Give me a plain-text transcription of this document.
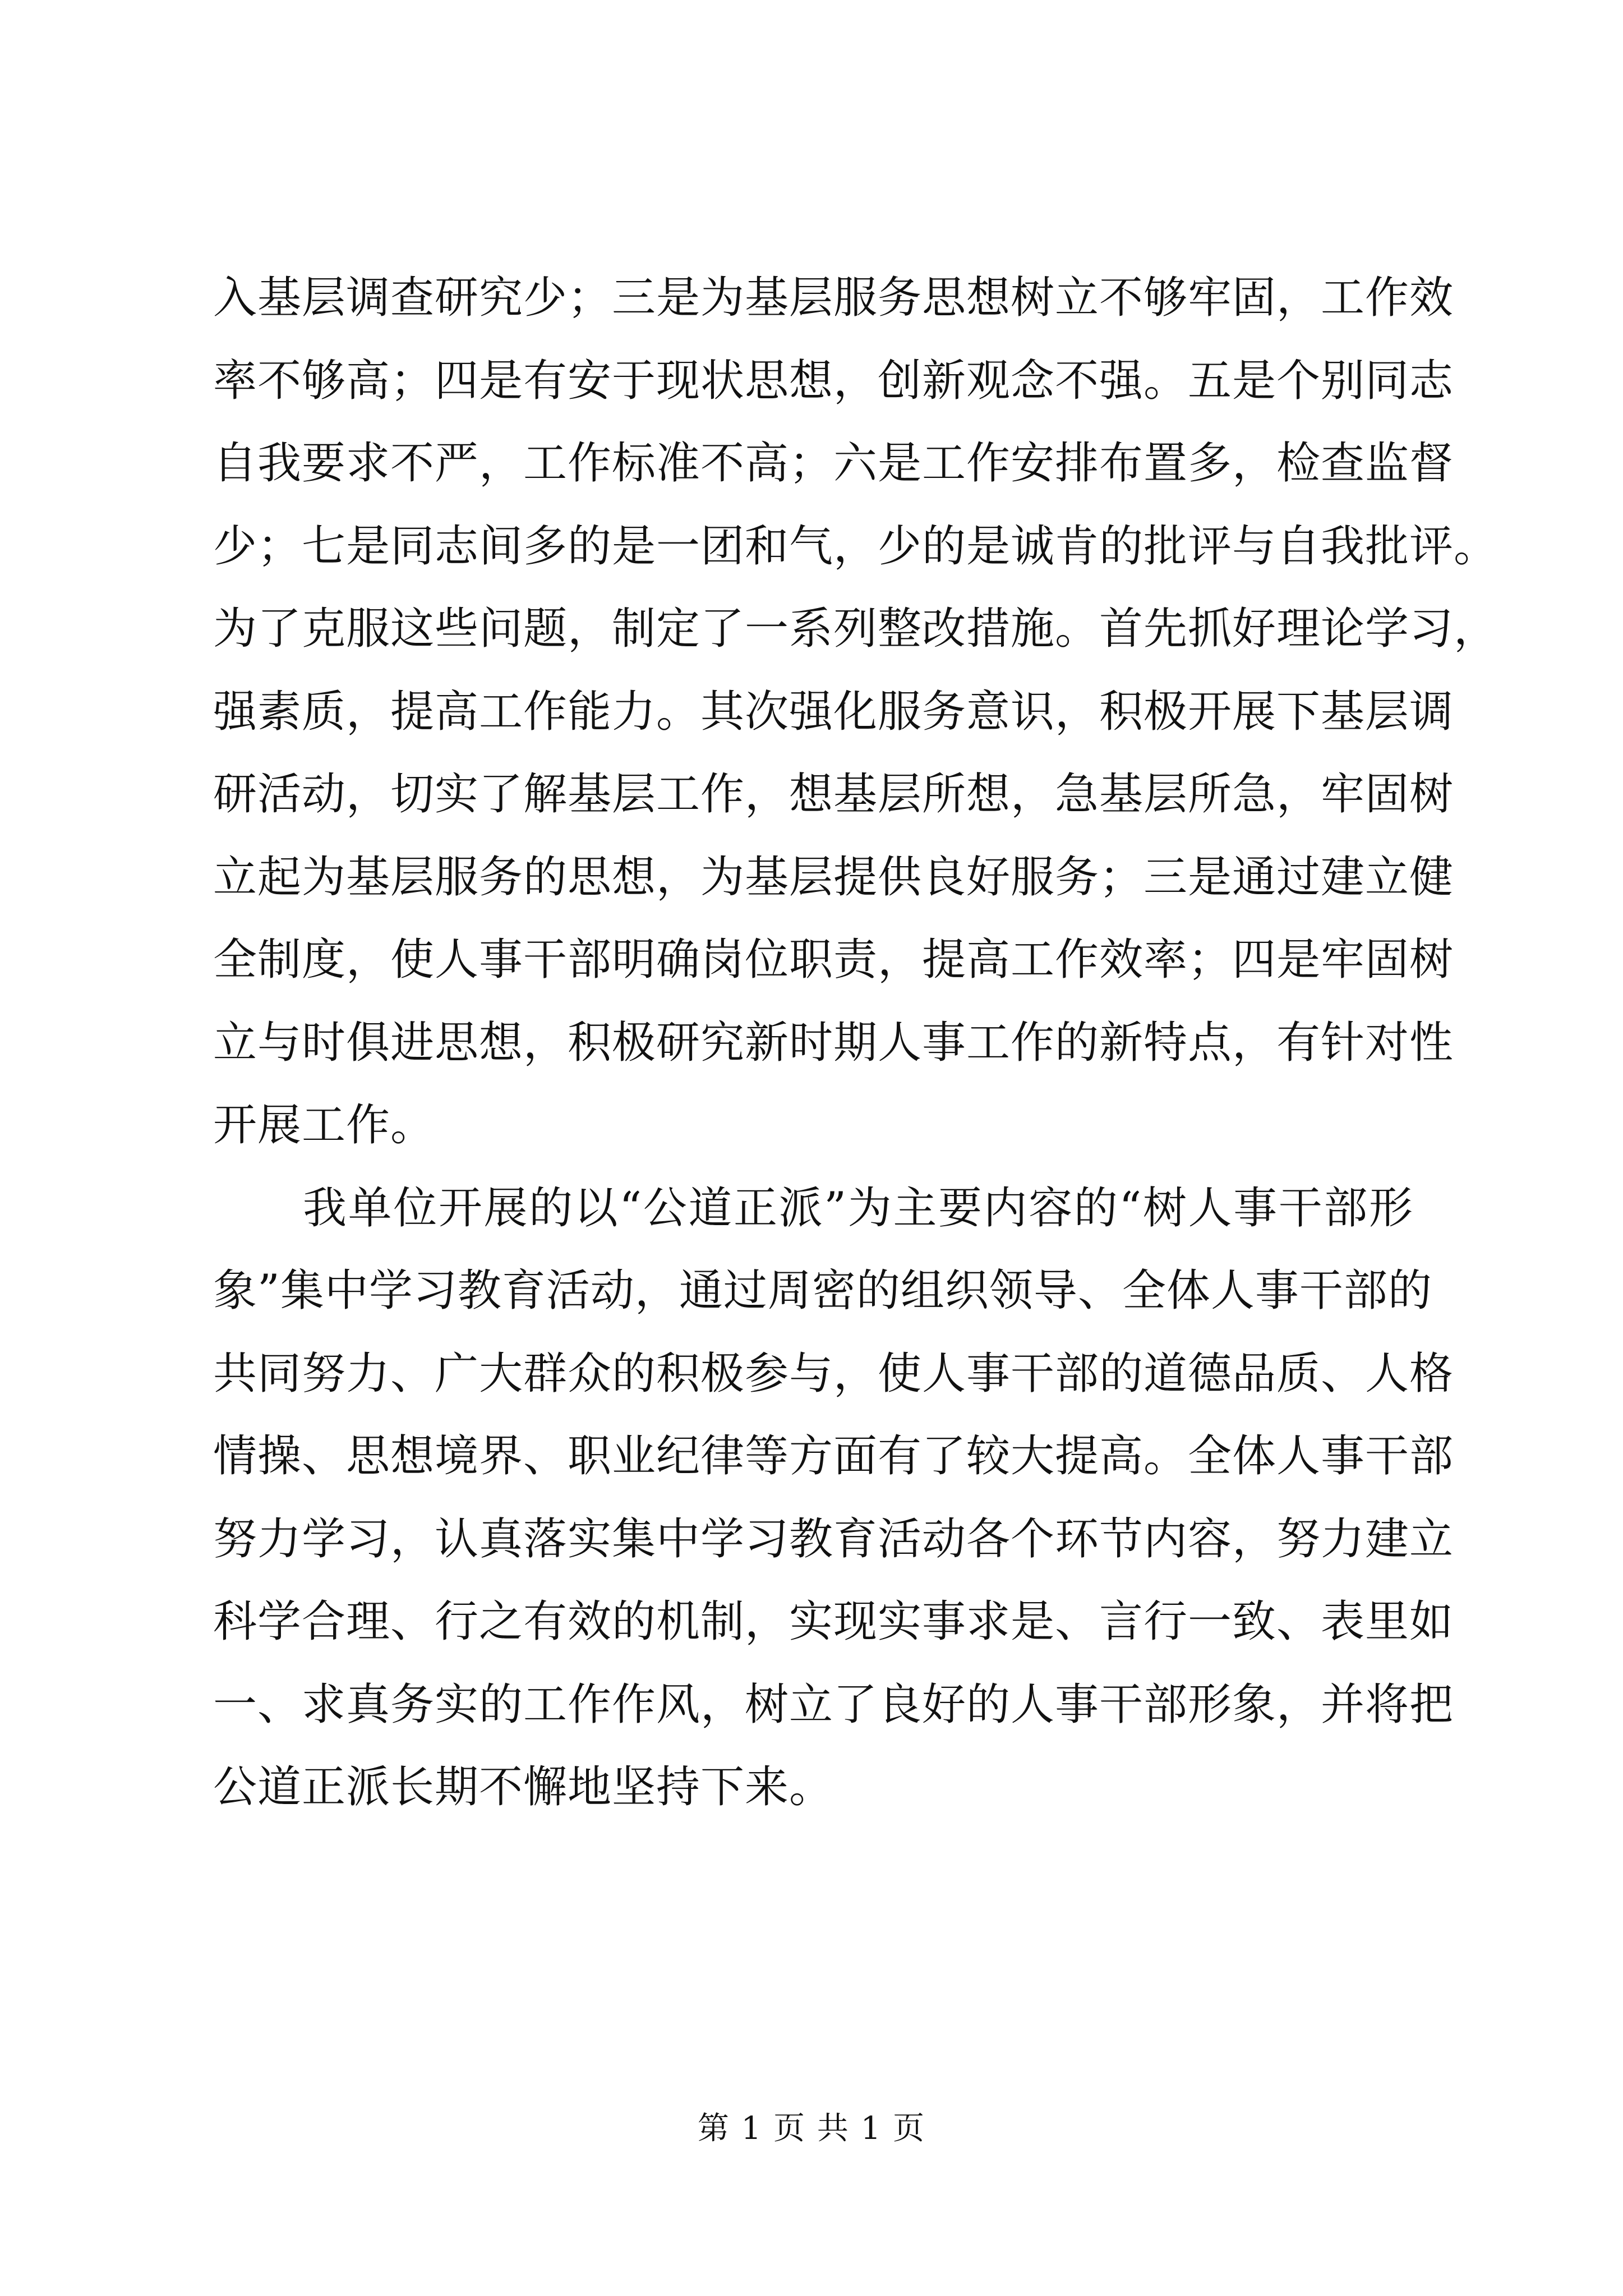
入基层调查研究少；三是为基层服务思想树立不够牢固，工作效
率不够高；四是有安于现状思想，创新观念不强。五是个别同志
自我要求不严，工作标准不高；六是工作安排布置多，检查监督
少；七是同志间多的是一团和气，少的是诚肯的批评与自我批评。
为了克服这些问题，制定了一系列整改措施。首先抓好理论学习，
强素质，提高工作能力。其次强化服务意识，积极开展下基层调
研活动，切实了解基层工作，想基层所想，急基层所急，牢固树
立起为基层服务的思想，为基层提供良好服务；三是通过建立健
全制度，使人事干部明确岗位职责，提高工作效率；四是牢固树
立与时俱进思想，积极研究新时期人事工作的新特点，有针对性
开展工作。
我单位开展的以“公道正派”为主要内容的“树人事干部形
象”集中学习教育活动，通过周密的组织领导、全体人事干部的
共同努力、广大群众的积极参与，使人事干部的道德品质、人格
情操、思想境界、职业纪律等方面有了较大提高。全体人事干部
努力学习，认真落实集中学习教育活动各个环节内容，努力建立
科学合理、行之有效的机制，实现实事求是、言行一致、表里如
一、求真务实的工作作风，树立了良好的人事干部形象，并将把
公道正派长期不懈地坚持下来。
第 1 页 共 1 页
